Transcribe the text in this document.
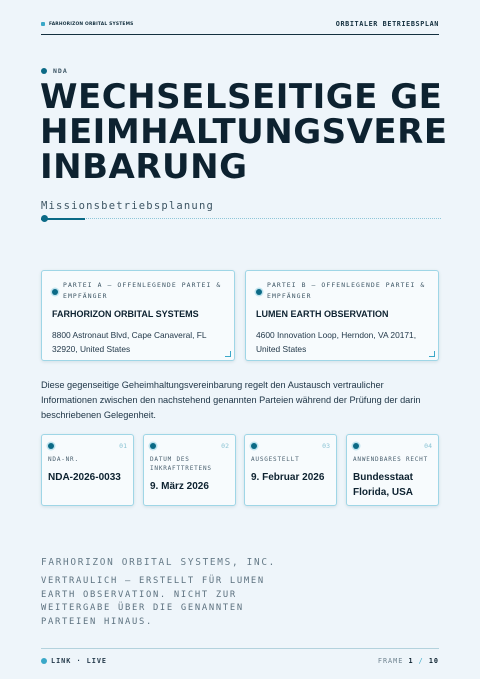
FARHORIZON ORBITAL SYSTEMS	ORBITALER BETRIEBSPLAN
NDA
WECHSELSEITIGE GEHEIMHALTUNGSVEREINBARUNG
Missionsbetriebsplanung
PARTEI A — OFFENLEGENDE PARTEI & EMPFÄNGER
FARHORIZON ORBITAL SYSTEMS
8800 Astronaut Blvd, Cape Canaveral, FL 32920, United States
PARTEI B — OFFENLEGENDE PARTEI & EMPFÄNGER
LUMEN EARTH OBSERVATION
4600 Innovation Loop, Herndon, VA 20171, United States

Diese gegenseitige Geheimhaltungsvereinbarung regelt den Austausch vertraulicher Informationen zwischen den nachstehend genannten Parteien während der Prüfung der darin beschriebenen Gelegenheit.

01
NDA-NR.
NDA-2026-0033
02
DATUM DES INKRAFTTRETENS
9. März 2026
03
AUSGESTELLT
9. Februar 2026
04
ANWENDBARES RECHT
Bundesstaat Florida, USA
FARHORIZON ORBITAL SYSTEMS, INC.
VERTRAULICH — ERSTELLT FÜR LUMEN EARTH OBSERVATION. NICHT ZUR WEITERGABE ÜBER DIE GENANNTEN PARTEIEN HINAUS.
LINK · LIVE	FRAME 1 / 10
